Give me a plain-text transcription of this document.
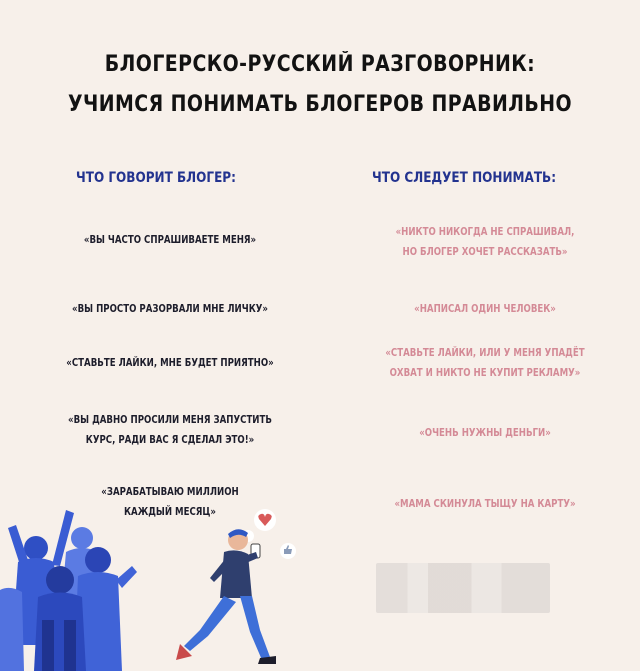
БЛОГЕРСКО-РУССКИЙ РАЗГОВОРНИК:
УЧИМСЯ ПОНИМАТЬ БЛОГЕРОВ ПРАВИЛЬНО
ЧТО ГОВОРИТ БЛОГЕР:	ЧТО СЛЕДУЕТ ПОНИМАТЬ:
«ВЫ ЧАСТО СПРАШИВАЕТЕ МЕНЯ»
«НИКТО НИКОГДА НЕ СПРАШИВАЛ,
НО БЛОГЕР ХОЧЕТ РАССКАЗАТЬ»
«ВЫ ПРОСТО РАЗОРВАЛИ МНЕ ЛИЧКУ»	«НАПИСАЛ ОДИН ЧЕЛОВЕК»
«СТАВЬТЕ ЛАЙКИ, МНЕ БУДЕТ ПРИЯТНО»
«СТАВЬТЕ ЛАЙКИ, ИЛИ У МЕНЯ УПАДЁТ
ОХВАТ И НИКТО НЕ КУПИТ РЕКЛАМУ»
«ВЫ ДАВНО ПРОСИЛИ МЕНЯ ЗАПУСТИТЬ
КУРС, РАДИ ВАС Я СДЕЛАЛ ЭТО!»
«ОЧЕНЬ НУЖНЫ ДЕНЬГИ»
«ЗАРАБАТЫВАЮ МИЛЛИОН
КАЖДЫЙ МЕСЯЦ»
«МАМА СКИНУЛА ТЫЩУ НА КАРТУ»
